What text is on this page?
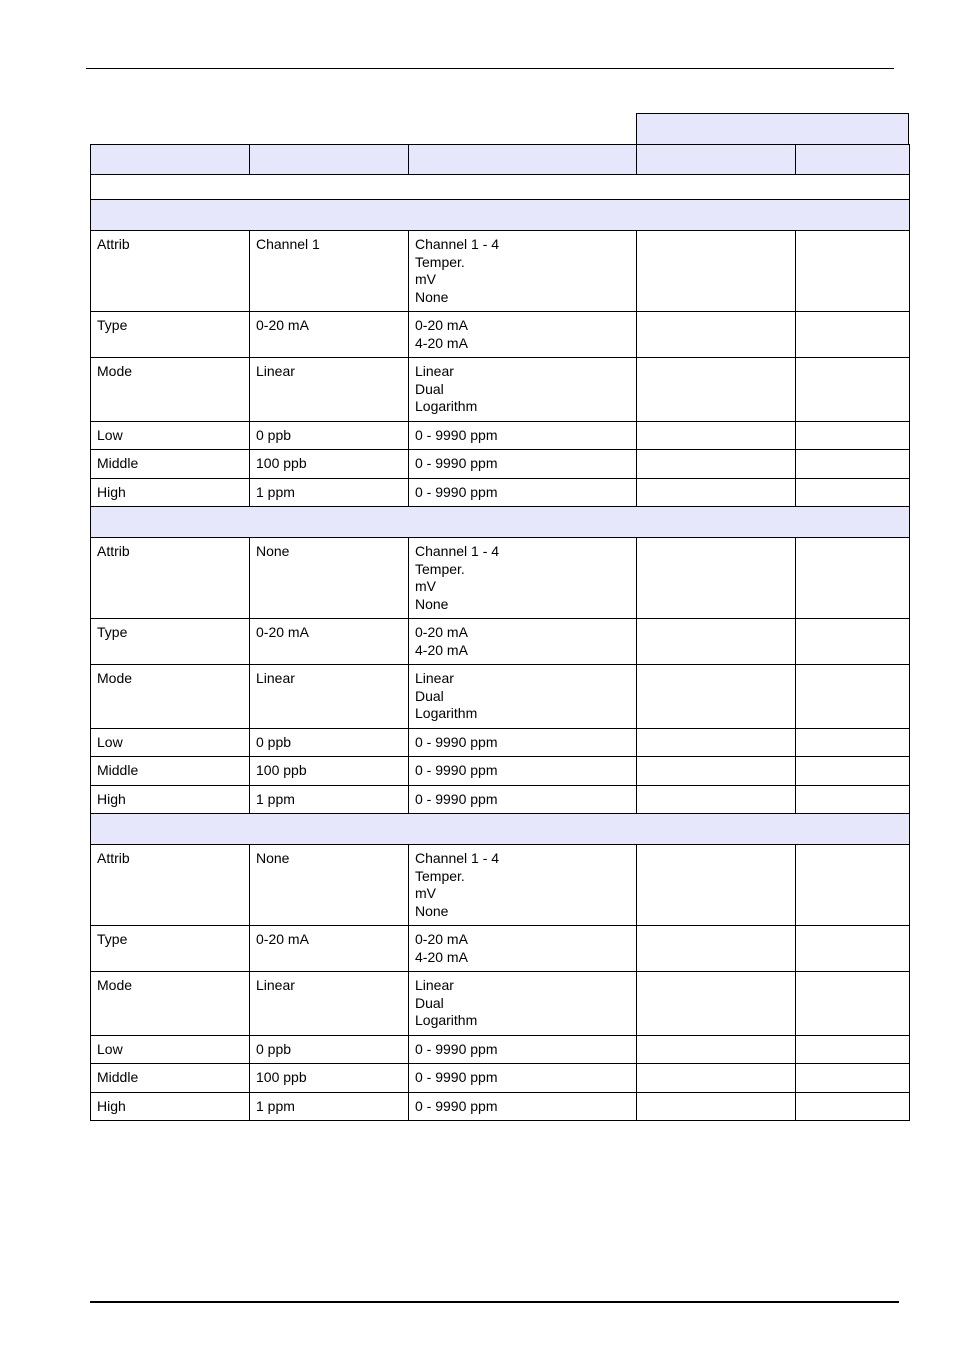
Attrib	Channel 1	Channel 1 - 4
Temper.
mV
None		

Type	0-20 mA	0-20 mA
4-20 mA		

Mode	Linear	Linear
Dual
Logarithm		

Low	0 ppb	0 - 9990 ppm		

Middle	100 ppb	0 - 9990 ppm		

High	1 ppm	0 - 9990 ppm		

Attrib	None	Channel 1 - 4
Temper.
mV
None		

Type	0-20 mA	0-20 mA
4-20 mA		

Mode	Linear	Linear
Dual
Logarithm		

Low	0 ppb	0 - 9990 ppm		

Middle	100 ppb	0 - 9990 ppm		

High	1 ppm	0 - 9990 ppm		

Attrib	None	Channel 1 - 4
Temper.
mV
None		

Type	0-20 mA	0-20 mA
4-20 mA		

Mode	Linear	Linear
Dual
Logarithm		

Low	0 ppb	0 - 9990 ppm		

Middle	100 ppb	0 - 9990 ppm		

High	1 ppm	0 - 9990 ppm		
